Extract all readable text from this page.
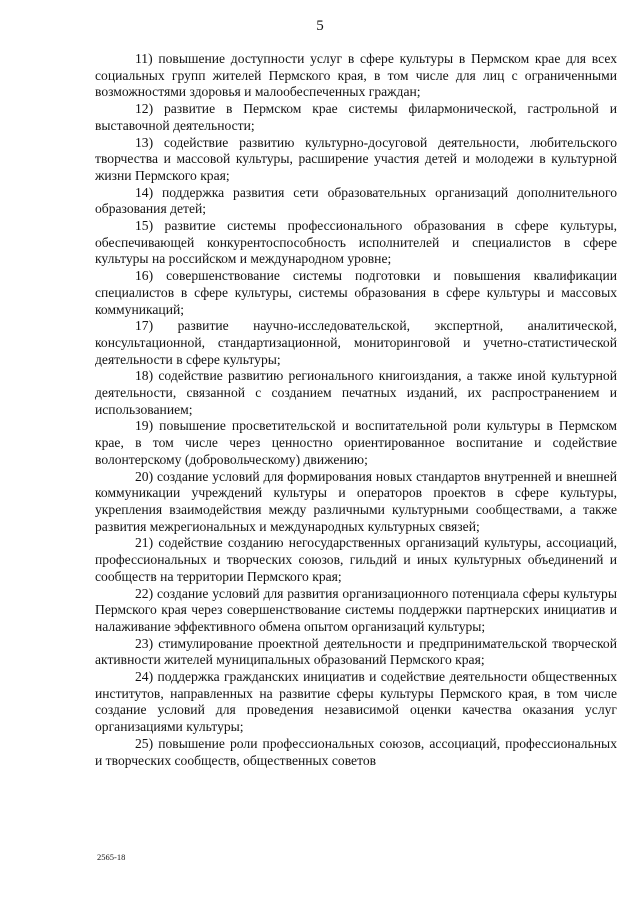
5

11) повышение доступности услуг в сфере культуры в Пермском крае для всех социальных групп жителей Пермского края, в том числе для лиц с ограниченными возможностями здоровья и малообеспеченных граждан;

12) развитие в Пермском крае системы филармонической, гастрольной и выставочной деятельности;

13) содействие развитию культурно-досуговой деятельности, любительского творчества и массовой культуры, расширение участия детей и молодежи в культурной жизни Пермского края;

14) поддержка развития сети образовательных организаций дополнительного образования детей;

15) развитие системы профессионального образования в сфере культуры, обеспечивающей конкурентоспособность исполнителей и специалистов в сфере культуры на российском и международном уровне;

16) совершенствование системы подготовки и повышения квалификации специалистов в сфере культуры, системы образования в сфере культуры и массовых коммуникаций;

17) развитие научно-исследовательской, экспертной, аналитической, консультационной, стандартизационной, мониторинговой и учетно-статистической деятельности в сфере культуры;

18) содействие развитию регионального книгоиздания, а также иной культурной деятельности, связанной с созданием печатных изданий, их распространением и использованием;

19) повышение просветительской и воспитательной роли культуры в Пермском крае, в том числе через ценностно ориентированное воспитание и содействие волонтерскому (добровольческому) движению;

20) создание условий для формирования новых стандартов внутренней и внешней коммуникации учреждений культуры и операторов проектов в сфере культуры, укрепления взаимодействия между различными культурными сообществами, а также развития межрегиональных и международных культурных связей;

21) содействие созданию негосударственных организаций культуры, ассоциаций, профессиональных и творческих союзов, гильдий и иных культурных объединений и сообществ на территории Пермского края;

22) создание условий для развития организационного потенциала сферы культуры Пермского края через совершенствование системы поддержки партнерских инициатив и налаживание эффективного обмена опытом организаций культуры;

23) стимулирование проектной деятельности и предпринимательской творческой активности жителей муниципальных образований Пермского края;

24) поддержка гражданских инициатив и содействие деятельности общественных институтов, направленных на развитие сферы культуры Пермского края, в том числе создание условий для проведения независимой оценки качества оказания услуг организациями культуры;

25) повышение роли профессиональных союзов, ассоциаций, профессиональных и творческих сообществ, общественных советов

2565-18
